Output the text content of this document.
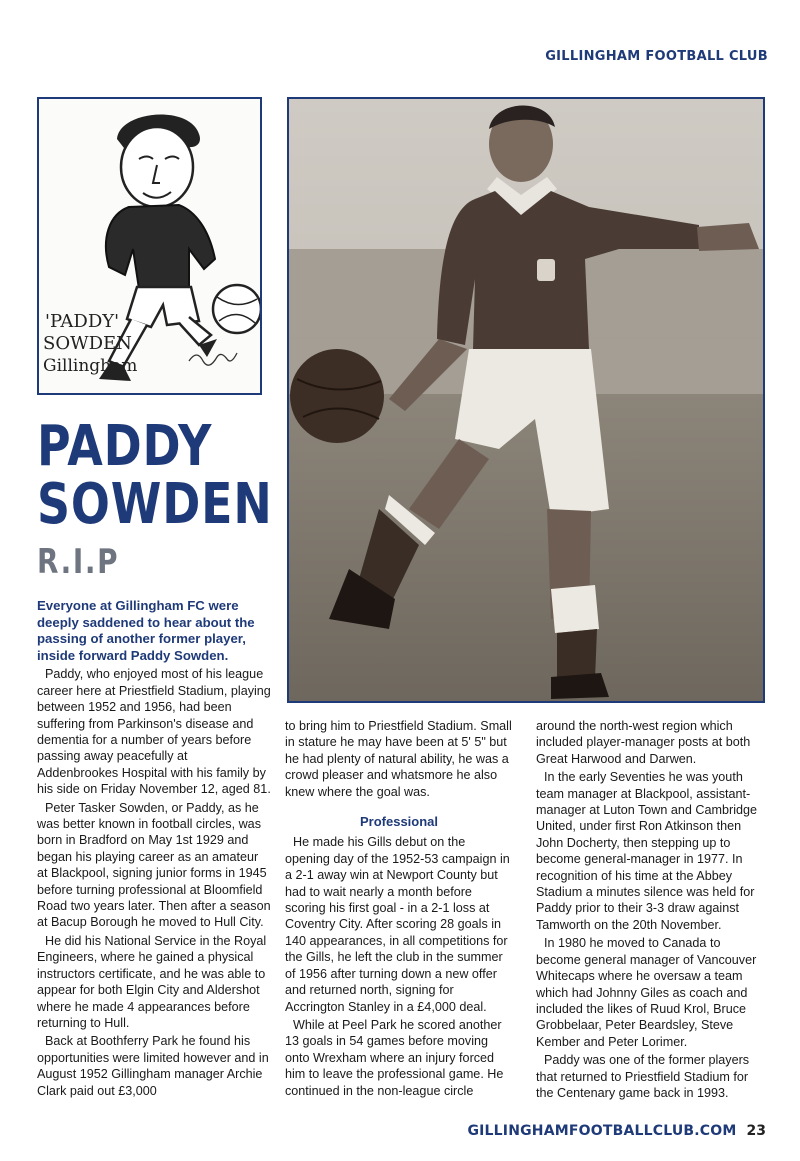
GILLINGHAM FOOTBALL CLUB
'PADDY'
SOWDEN
Gillingham
PADDY
SOWDEN
R.I.P

Everyone at Gillingham FC were deeply saddened to hear about the passing of another former player, inside forward Paddy Sowden.

Paddy, who enjoyed most of his league career here at Priestfield Stadium, playing between 1952 and 1956, had been suffering from Parkinson's disease and dementia for a number of years before passing away peacefully at Addenbrookes Hospital with his family by his side on Friday November 12, aged 81.

Peter Tasker Sowden, or Paddy, as he was better known in football circles, was born in Bradford on May 1st 1929 and began his playing career as an amateur at Blackpool, signing junior forms in 1945 before turning professional at Bloomfield Road two years later. Then after a season at Bacup Borough he moved to Hull City.

He did his National Service in the Royal Engineers, where he gained a physical instructors certificate, and he was able to appear for both Elgin City and Aldershot where he made 4 appearances before returning to Hull.

Back at Boothferry Park he found his opportunities were limited however and in August 1952 Gillingham manager Archie Clark paid out £3,000

to bring him to Priestfield Stadium. Small in stature he may have been at 5' 5" but he had plenty of natural ability, he was a crowd pleaser and whatsmore he also knew where the goal was.

Professional

He made his Gills debut on the opening day of the 1952-53 campaign in a 2-1 away win at Newport County but had to wait nearly a month before scoring his first goal - in a 2-1 loss at Coventry City. After scoring 28 goals in 140 appearances, in all competitions for the Gills, he left the club in the summer of 1956 after turning down a new offer and returned north, signing for Accrington Stanley in a £4,000 deal.

While at Peel Park he scored another 13 goals in 54 games before moving onto Wrexham where an injury forced him to leave the professional game. He continued in the non-league circle

around the north-west region which included player-manager posts at both Great Harwood and Darwen.

In the early Seventies he was youth team manager at Blackpool, assistant-manager at Luton Town and Cambridge United, under first Ron Atkinson then John Docherty, then stepping up to become general-manager in 1977. In recognition of his time at the Abbey Stadium a minutes silence was held for Paddy prior to their 3-3 draw against Tamworth on the 20th November.

In 1980 he moved to Canada to become general manager of Vancouver Whitecaps where he oversaw a team which had Johnny Giles as coach and included the likes of Ruud Krol, Bruce Grobbelaar, Peter Beardsley, Steve Kember and Peter Lorimer.

Paddy was one of the former players that returned to Priestfield Stadium for the Centenary game back in 1993.

GILLINGHAMFOOTBALLCLUB.COM 23
